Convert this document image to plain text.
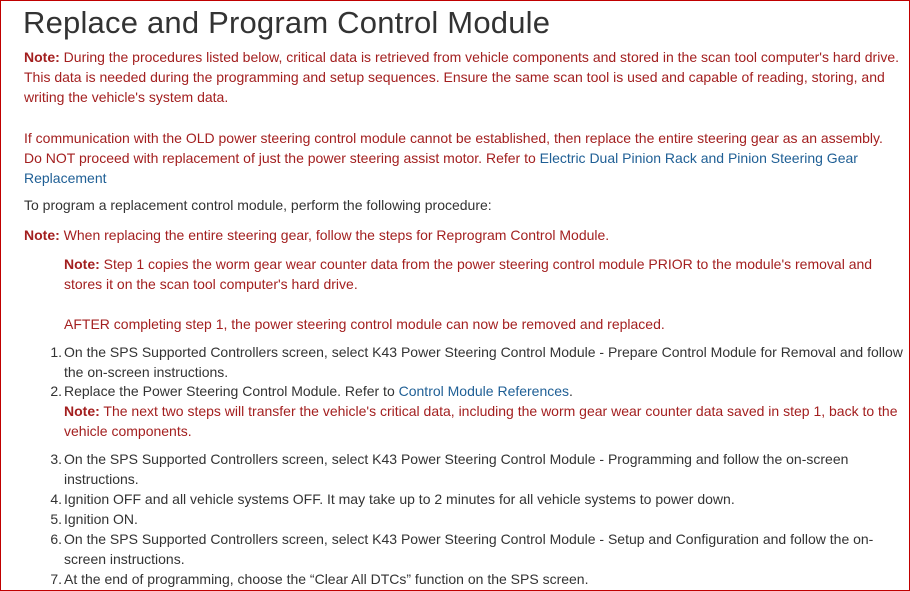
Replace and Program Control Module

Note: During the procedures listed below, critical data is retrieved from vehicle components and stored in the scan tool computer's hard drive. This data is needed during the programming and setup sequences. Ensure the same scan tool is used and capable of reading, storing, and writing the vehicle's system data.

If communication with the OLD power steering control module cannot be established, then replace the entire steering gear as an assembly. Do NOT proceed with replacement of just the power steering assist motor. Refer to Electric Dual Pinion Rack and Pinion Steering Gear Replacement

To program a replacement control module, perform the following procedure:

Note: When replacing the entire steering gear, follow the steps for Reprogram Control Module.

Note: Step 1 copies the worm gear wear counter data from the power steering control module PRIOR to the module's removal and stores it on the scan tool computer's hard drive.

AFTER completing step 1, the power steering control module can now be removed and replaced.

1. On the SPS Supported Controllers screen, select K43 Power Steering Control Module - Prepare Control Module for Removal and follow the on-screen instructions.
2. Replace the Power Steering Control Module. Refer to Control Module References.
Note: The next two steps will transfer the vehicle's critical data, including the worm gear wear counter data saved in step 1, back to the vehicle components.
3. On the SPS Supported Controllers screen, select K43 Power Steering Control Module - Programming and follow the on-screen instructions.
4. Ignition OFF and all vehicle systems OFF. It may take up to 2 minutes for all vehicle systems to power down.
5. Ignition ON.
6. On the SPS Supported Controllers screen, select K43 Power Steering Control Module - Setup and Configuration and follow the on-screen instructions.
7. At the end of programming, choose the “Clear All DTCs” function on the SPS screen.
